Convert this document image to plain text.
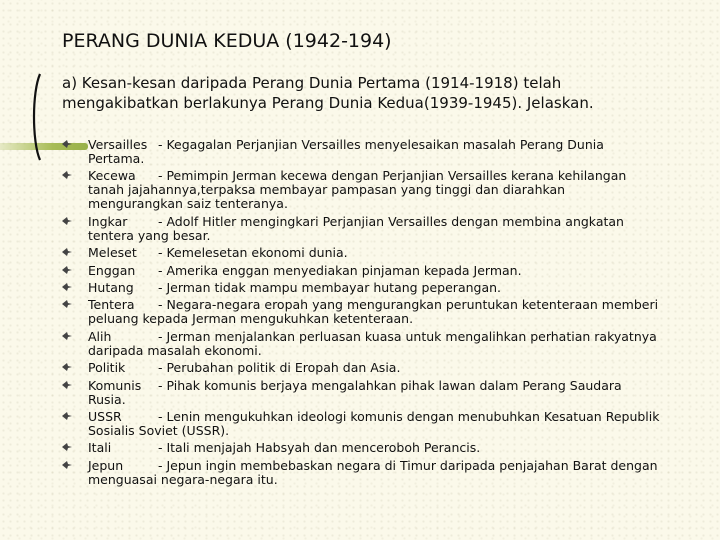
PERANG DUNIA KEDUA (1942-194)
a) Kesan-kesan daripada Perang Dunia Pertama (1914-1918) telah mengakibatkan berlakunya Perang Dunia Kedua(1939-1945). Jelaskan.
Versailles - Kegagalan Perjanjian Versailles menyelesaikan masalah Perang Dunia Pertama.
Kecewa - Pemimpin Jerman kecewa dengan Perjanjian Versailles kerana kehilangan tanah jajahannya,terpaksa membayar pampasan yang tinggi dan diarahkan mengurangkan saiz tenteranya.
Ingkar - Adolf Hitler mengingkari Perjanjian Versailles dengan membina angkatan tentera yang besar.
Meleset - Kemelesetan ekonomi dunia.
Enggan - Amerika enggan menyediakan pinjaman kepada Jerman.
Hutang - Jerman tidak mampu membayar hutang peperangan.
Tentera - Negara-negara eropah yang mengurangkan peruntukan ketenteraan memberi peluang kepada Jerman mengukuhkan ketenteraan.
Alih	- Jerman menjalankan perluasan kuasa untuk mengalihkan perhatian rakyatnya daripada masalah ekonomi.
Politik - Perubahan politik di Eropah dan Asia.
Komunis - Pihak komunis berjaya mengalahkan pihak lawan dalam Perang Saudara Rusia.
USSR	- Lenin mengukuhkan ideologi komunis dengan menubuhkan Kesatuan Republik Sosialis Soviet (USSR).
Itali	- Itali menjajah Habsyah dan menceroboh Perancis.
Jepun - Jepun ingin membebaskan negara di Timur daripada penjajahan Barat dengan menguasai negara-negara itu.
